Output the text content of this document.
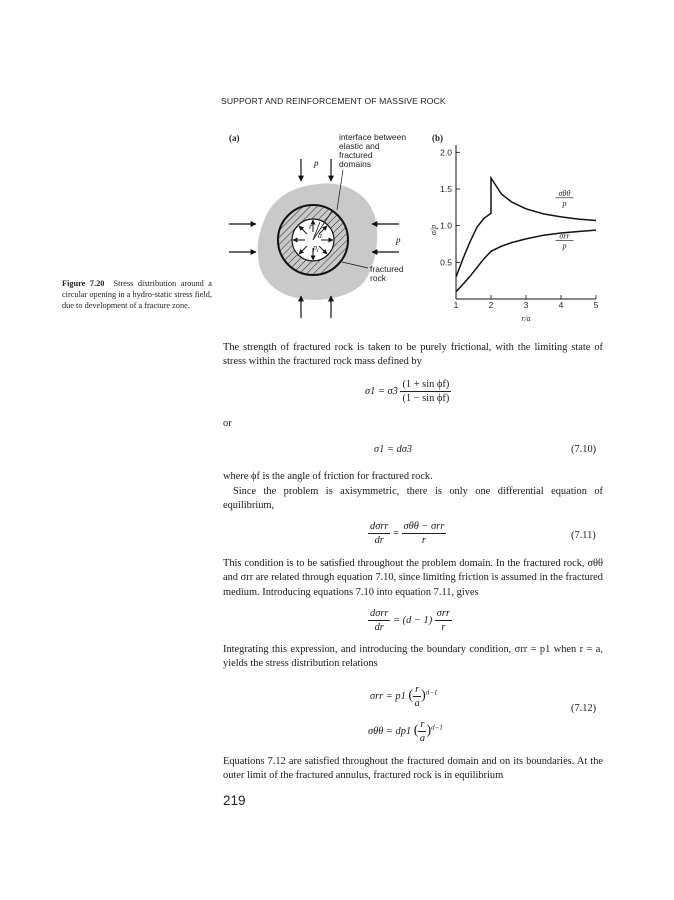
SUPPORT AND REINFORCEMENT OF MASSIVE ROCK
(a)
r
a
$p_i$
p
p
interface between elastic and fractured domains
fractured rock
(b)
0.5
1.0
1.5
2.0
1	2	3	4	5
r/a
σ/p
σθθ
p
σrr
p
Figure 7.20 Stress distribution around a circular opening in a hydro-static stress field, due to development of a fracture zone.
The strength of fractured rock is taken to be purely frictional, with the limiting state of stress within the fractured rock mass defined by
$\sigma 1 = \sigma 3 \frac{\text{(1 + sin ϕf)}}{\text{(1 − sin ϕf)}}$
or
σ1 = dσ3	(7.10)
where ϕf is the angle of friction for fractured rock.
Since the problem is axisymmetric, there is only one differential equation of equilibrium,
$\frac{\text{dσrr}}{dr} = \frac{\text{σθθ − σrr}}{r}$	(7.11)
This condition is to be satisfied throughout the problem domain. In the fractured rock, σθθ and σrr are related through equation 7.10, since limiting friction is assumed in the fractured medium. Introducing equations 7.10 into equation 7.11, gives
$\frac{\text{dσrr}}{dr} = (d - 1) \frac{\text{σrr}}{r}$
Integrating this expression, and introducing the boundary condition, σrr = p1 when r = a, yields the stress distribution relations
σrr = p1 ( $\frac{r}{a} )^{d-1}$
(7.12)
σθθ = dp1 ( $\frac{r}{a} )^{d-1}$
Equations 7.12 are satisfied throughout the fractured domain and on its boundaries. At the outer limit of the fractured annulus, fractured rock is in equilibrium
219
